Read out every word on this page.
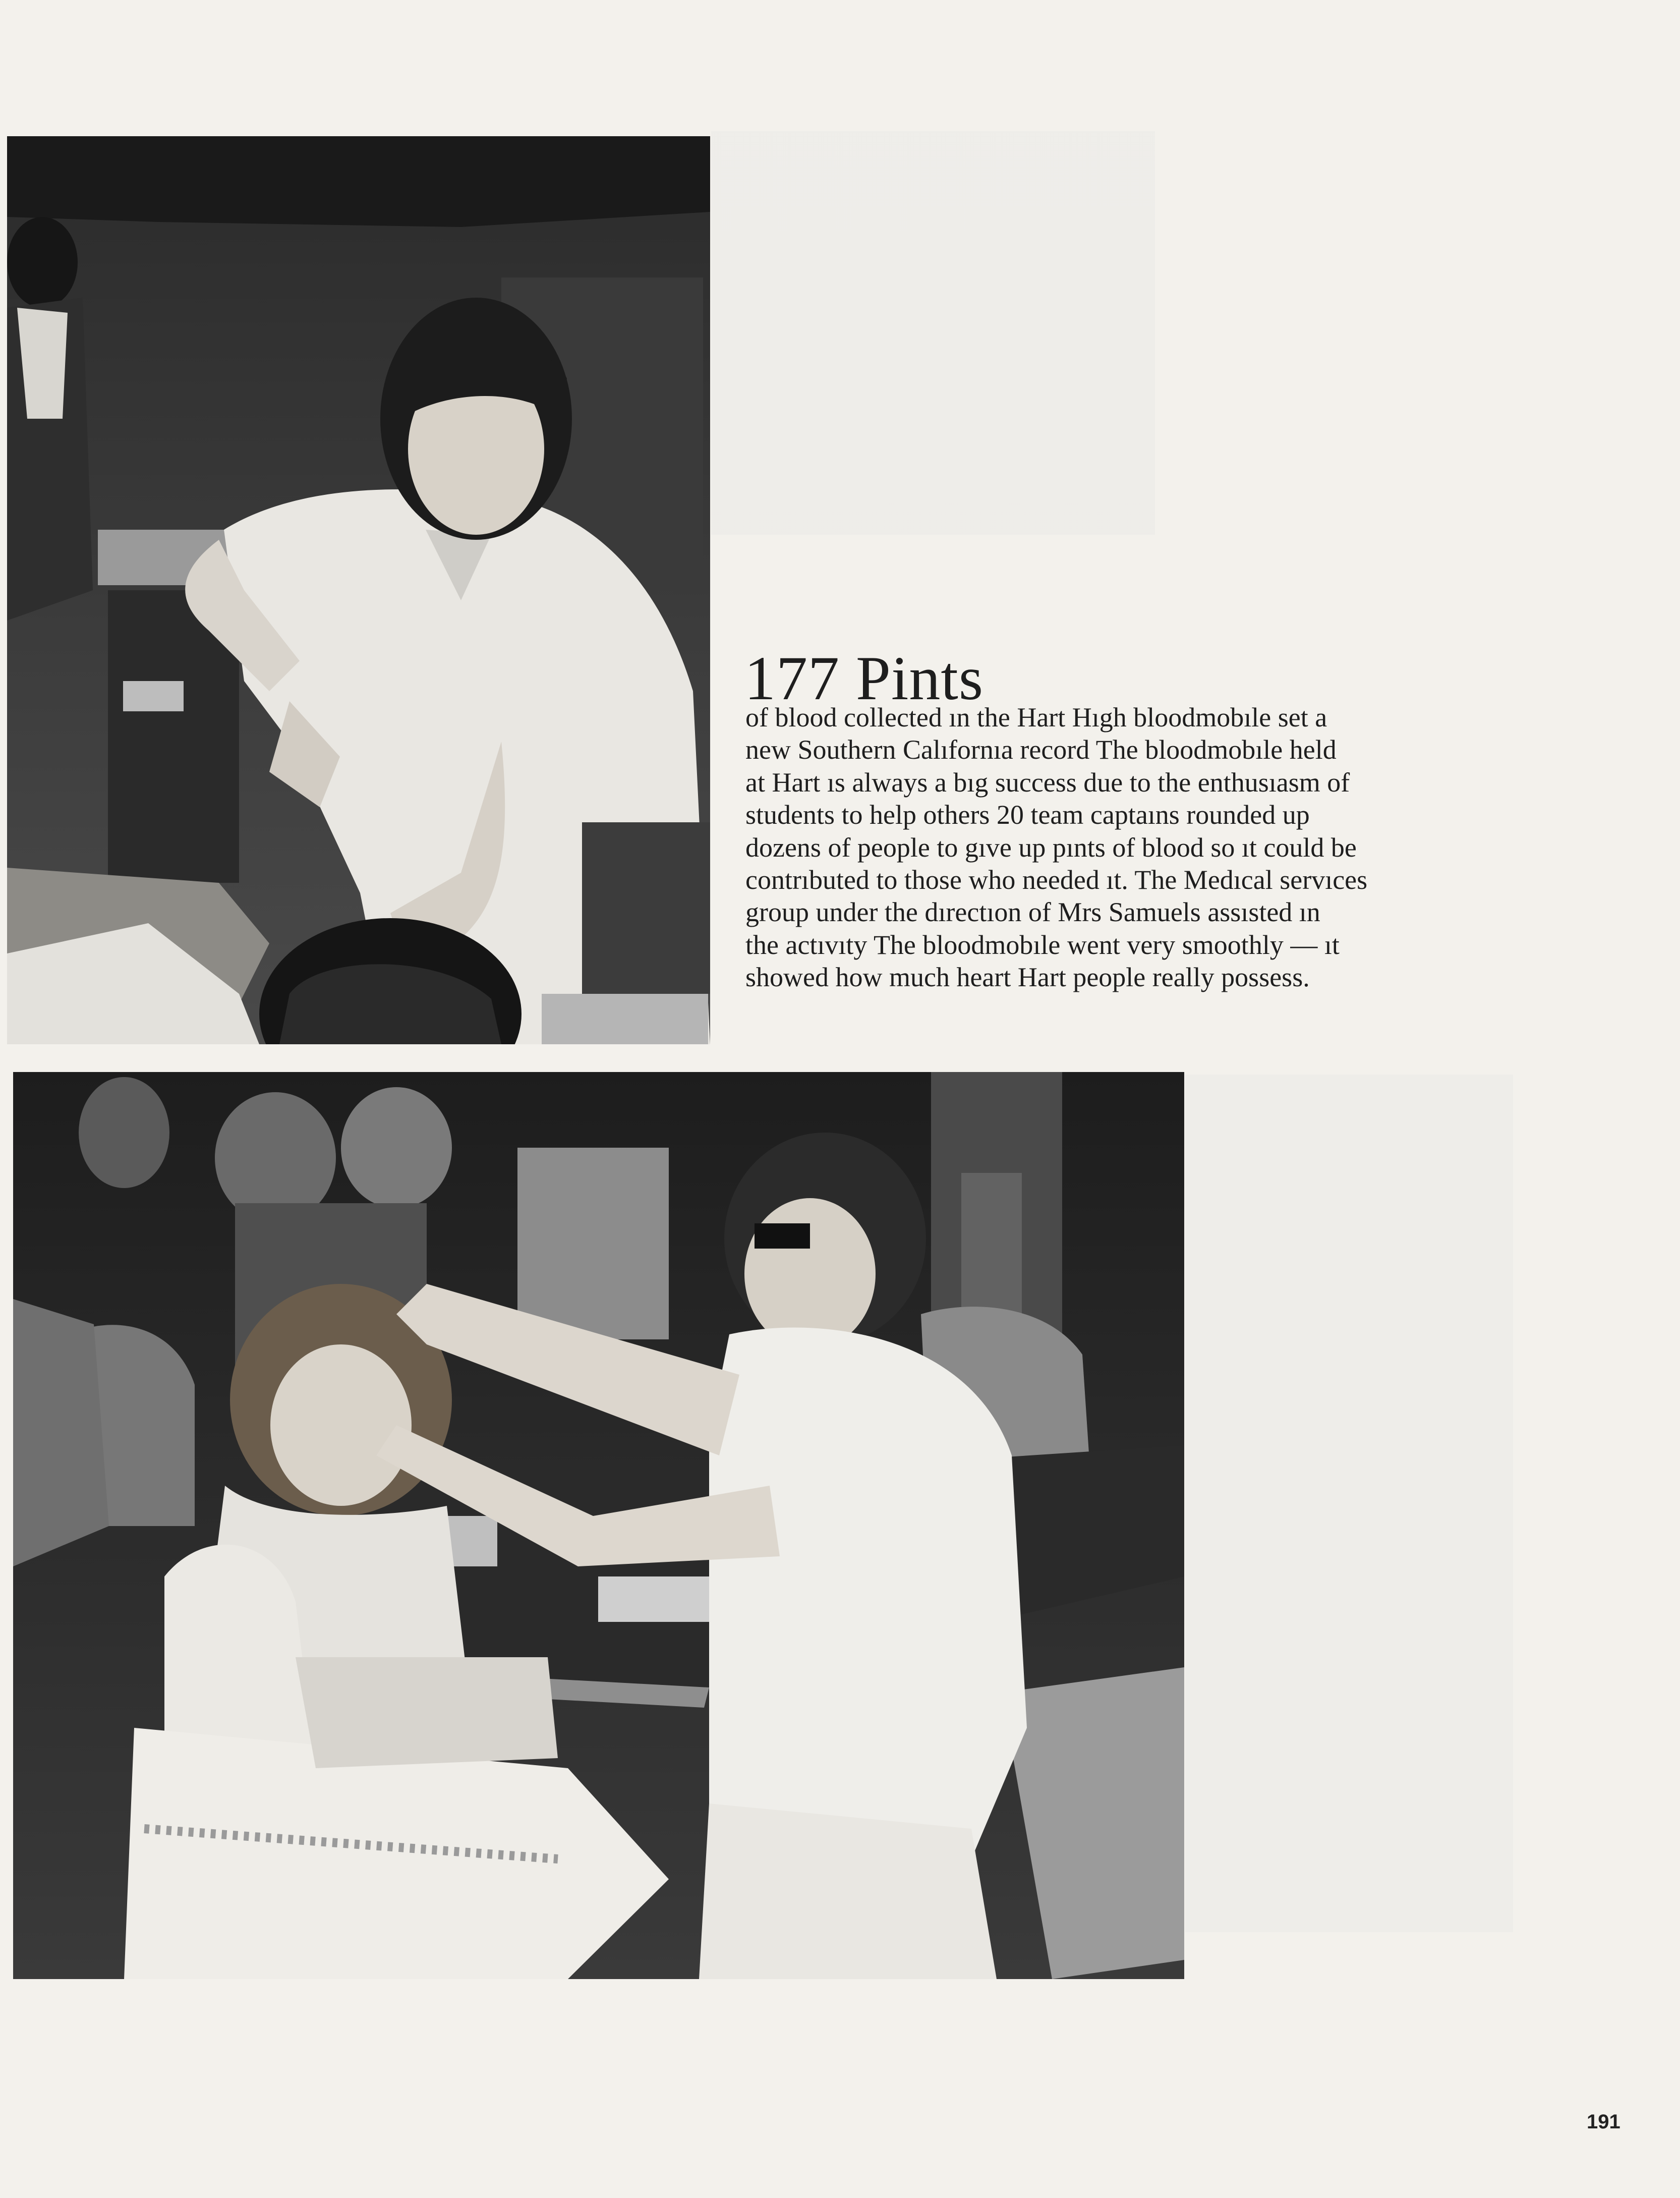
177 Pints

of blood collected ın the Hart Hıgh bloodmobıle set a
new Southern Calıfornıa record The bloodmobıle held
at Hart ıs always a bıg success due to the enthusıasm of
students to help others 20 team captaıns rounded up
dozens of people to gıve up pınts of blood so ıt could be
contrıbuted to those who needed ıt. The Medıcal servıces
group under the dırectıon of Mrs Samuels assısted ın
the actıvıty The bloodmobıle went very smoothly — ıt
showed how much heart Hart people really possess.

191
